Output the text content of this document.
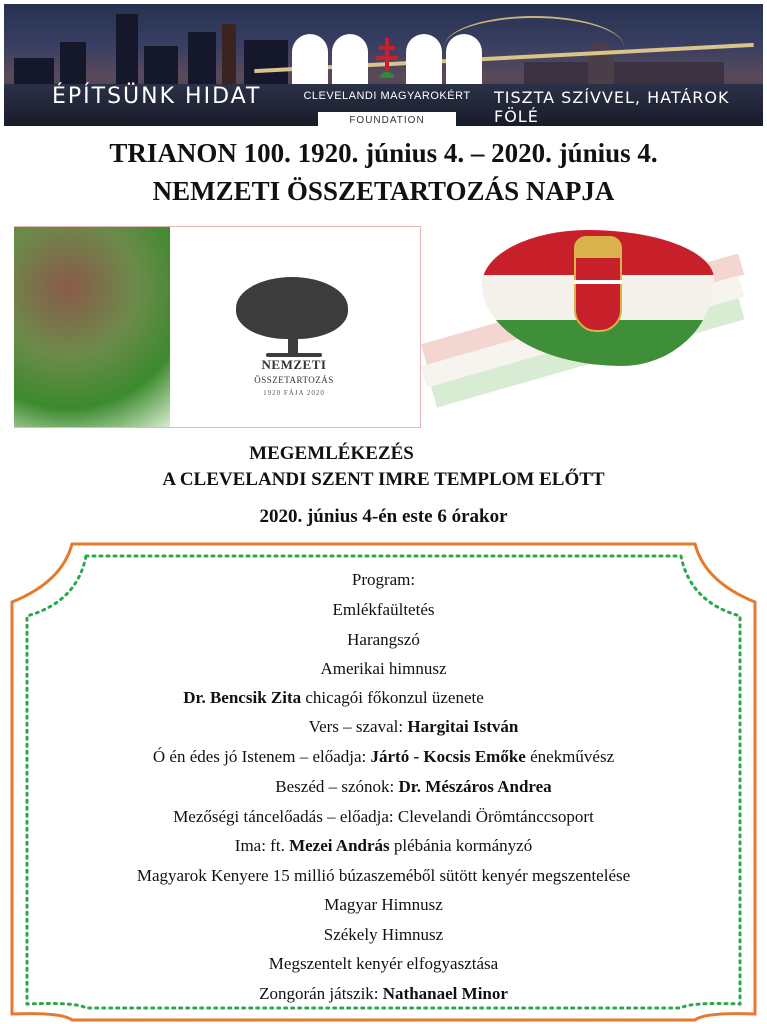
CLEVELANDI MAGYAROKÉRT
FOUNDATION
ÉPÍTSÜNK HIDAT	TISZTA SZÍVVEL, HATÁROK FÖLÉ
TRIANON 100. 1920. június 4. – 2020. június 4.
NEMZETI ÖSSZETARTOZÁS NAPJA
NEMZETI
ÖSSZETARTOZÁS
1920 FÁJA 2020
MEGEMLÉKEZÉS
A CLEVELANDI SZENT IMRE TEMPLOM ELŐTT
2020. június 4-én este 6 órakor
Program:
Emlékfaültetés
Harangszó
Amerikai himnusz
Dr. Bencsik Zita chicagói főkonzul üzenete
Vers – szaval: Hargitai István
Ó én édes jó Istenem – előadja: Jártó - Kocsis Emőke énekművész
Beszéd – szónok: Dr. Mészáros Andrea
Mezőségi táncelőadás – előadja: Clevelandi Örömtánccsoport
Ima: ft. Mezei András plébánia kormányzó
Magyarok Kenyere 15 millió búzaszeméből sütött kenyér megszentelése
Magyar Himnusz
Székely Himnusz
Megszentelt kenyér elfogyasztása
Zongorán játszik: Nathanael Minor
